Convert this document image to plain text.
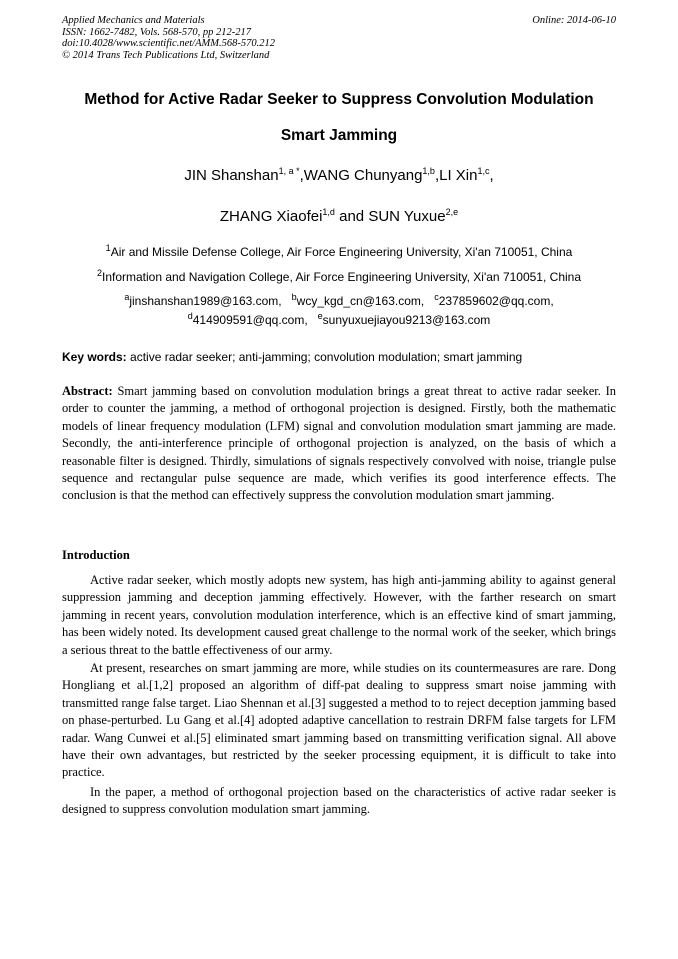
Applied Mechanics and Materials
ISSN: 1662-7482, Vols. 568-570, pp 212-217
doi:10.4028/www.scientific.net/AMM.568-570.212
© 2014 Trans Tech Publications Ltd, Switzerland
Online: 2014-06-10
Method for Active Radar Seeker to Suppress Convolution Modulation
Smart Jamming
JIN Shanshan$^{1, a *}$,WANG Chunyang$^{1,b}$,LI Xin$^{1,c}$,
ZHANG Xiaofei$^{1,d}$ and SUN Yuxue$^{2,e}$
$^1$Air and Missile Defense College, Air Force Engineering University, Xi'an 710051, China
$^2$Information and Navigation College, Air Force Engineering University, Xi'an 710051, China
$^a$jinshanshan1989@163.com, $^b$wcy_kgd_cn@163.com, $^c$237859602@qq.com,
$^d$414909591@qq.com, $^e$sunyuxuejiayou9213@163.com
Key words: active radar seeker; anti-jamming; convolution modulation; smart jamming
Abstract: Smart jamming based on convolution modulation brings a great threat to active radar seeker. In order to counter the jamming, a method of orthogonal projection is designed. Firstly, both the mathematic models of linear frequency modulation (LFM) signal and convolution modulation smart jamming are made. Secondly, the anti-interference principle of orthogonal projection is analyzed, on the basis of which a reasonable filter is designed. Thirdly, simulations of signals respectively convolved with noise, triangle pulse sequence and rectangular pulse sequence are made, which verifies its good interference effects. The conclusion is that the method can effectively suppress the convolution modulation smart jamming.
Introduction

Active radar seeker, which mostly adopts new system, has high anti-jamming ability to against general suppression jamming and deception jamming effectively. However, with the farther research on smart jamming in recent years, convolution modulation interference, which is an effective kind of smart jamming, has been widely noted. Its development caused great challenge to the normal work of the seeker, which brings a serious threat to the battle effectiveness of our army.

At present, researches on smart jamming are more, while studies on its countermeasures are rare. Dong Hongliang et al.[1,2] proposed an algorithm of diff-pat dealing to suppress smart noise jamming with transmitted range false target. Liao Shennan et al.[3] suggested a method to to reject deception jamming based on phase-perturbed. Lu Gang et al.[4] adopted adaptive cancellation to restrain DRFM false targets for LFM radar. Wang Cunwei et al.[5] eliminated smart jamming based on transmitting verification signal. All above have their own advantages, but restricted by the seeker processing equipment, it is difficult to take into practice.

In the paper, a method of orthogonal projection based on the characteristics of active radar seeker is designed to suppress convolution modulation smart jamming.
